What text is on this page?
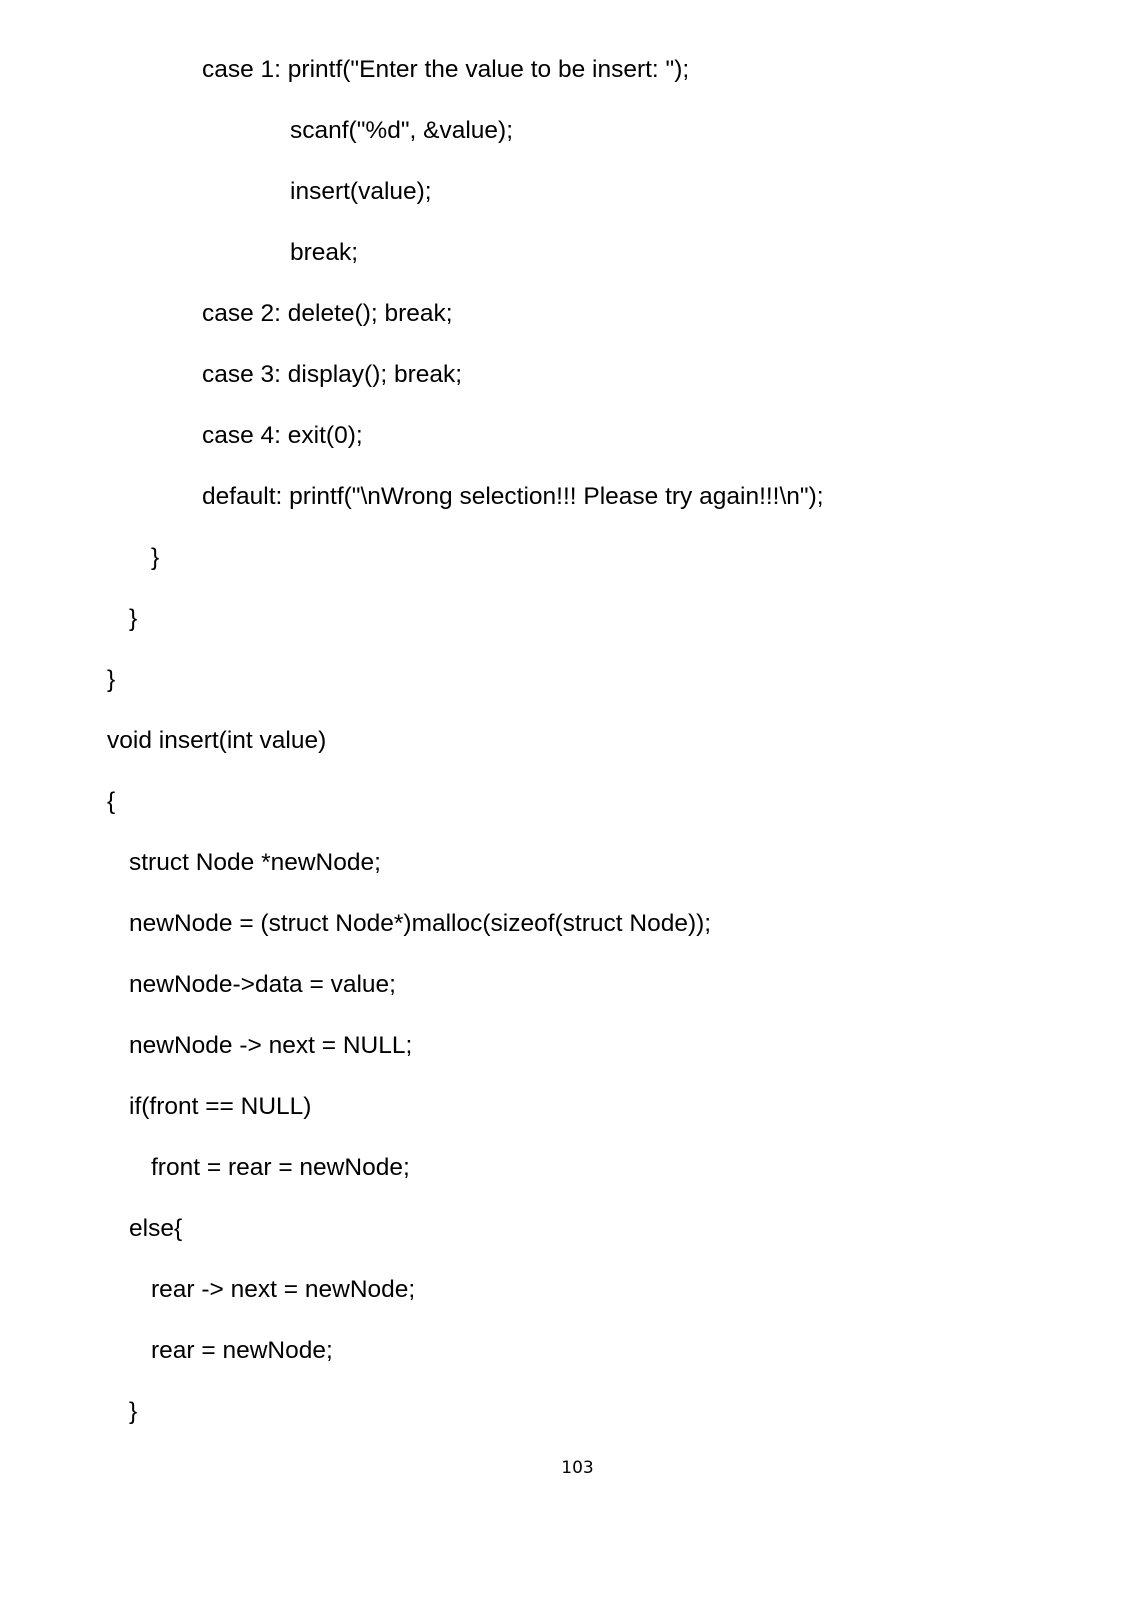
case 1: printf("Enter the value to be insert: ");

scanf("%d", &value);

insert(value);

break;

case 2: delete(); break;

case 3: display(); break;

case 4: exit(0);

default: printf("\nWrong selection!!! Please try again!!!\n");

}

}

}

void insert(int value)

{

struct Node *newNode;

newNode = (struct Node*)malloc(sizeof(struct Node));

newNode->data = value;

newNode -> next = NULL;

if(front == NULL)

front = rear = newNode;

else{

rear -> next = newNode;

rear = newNode;

}

103
